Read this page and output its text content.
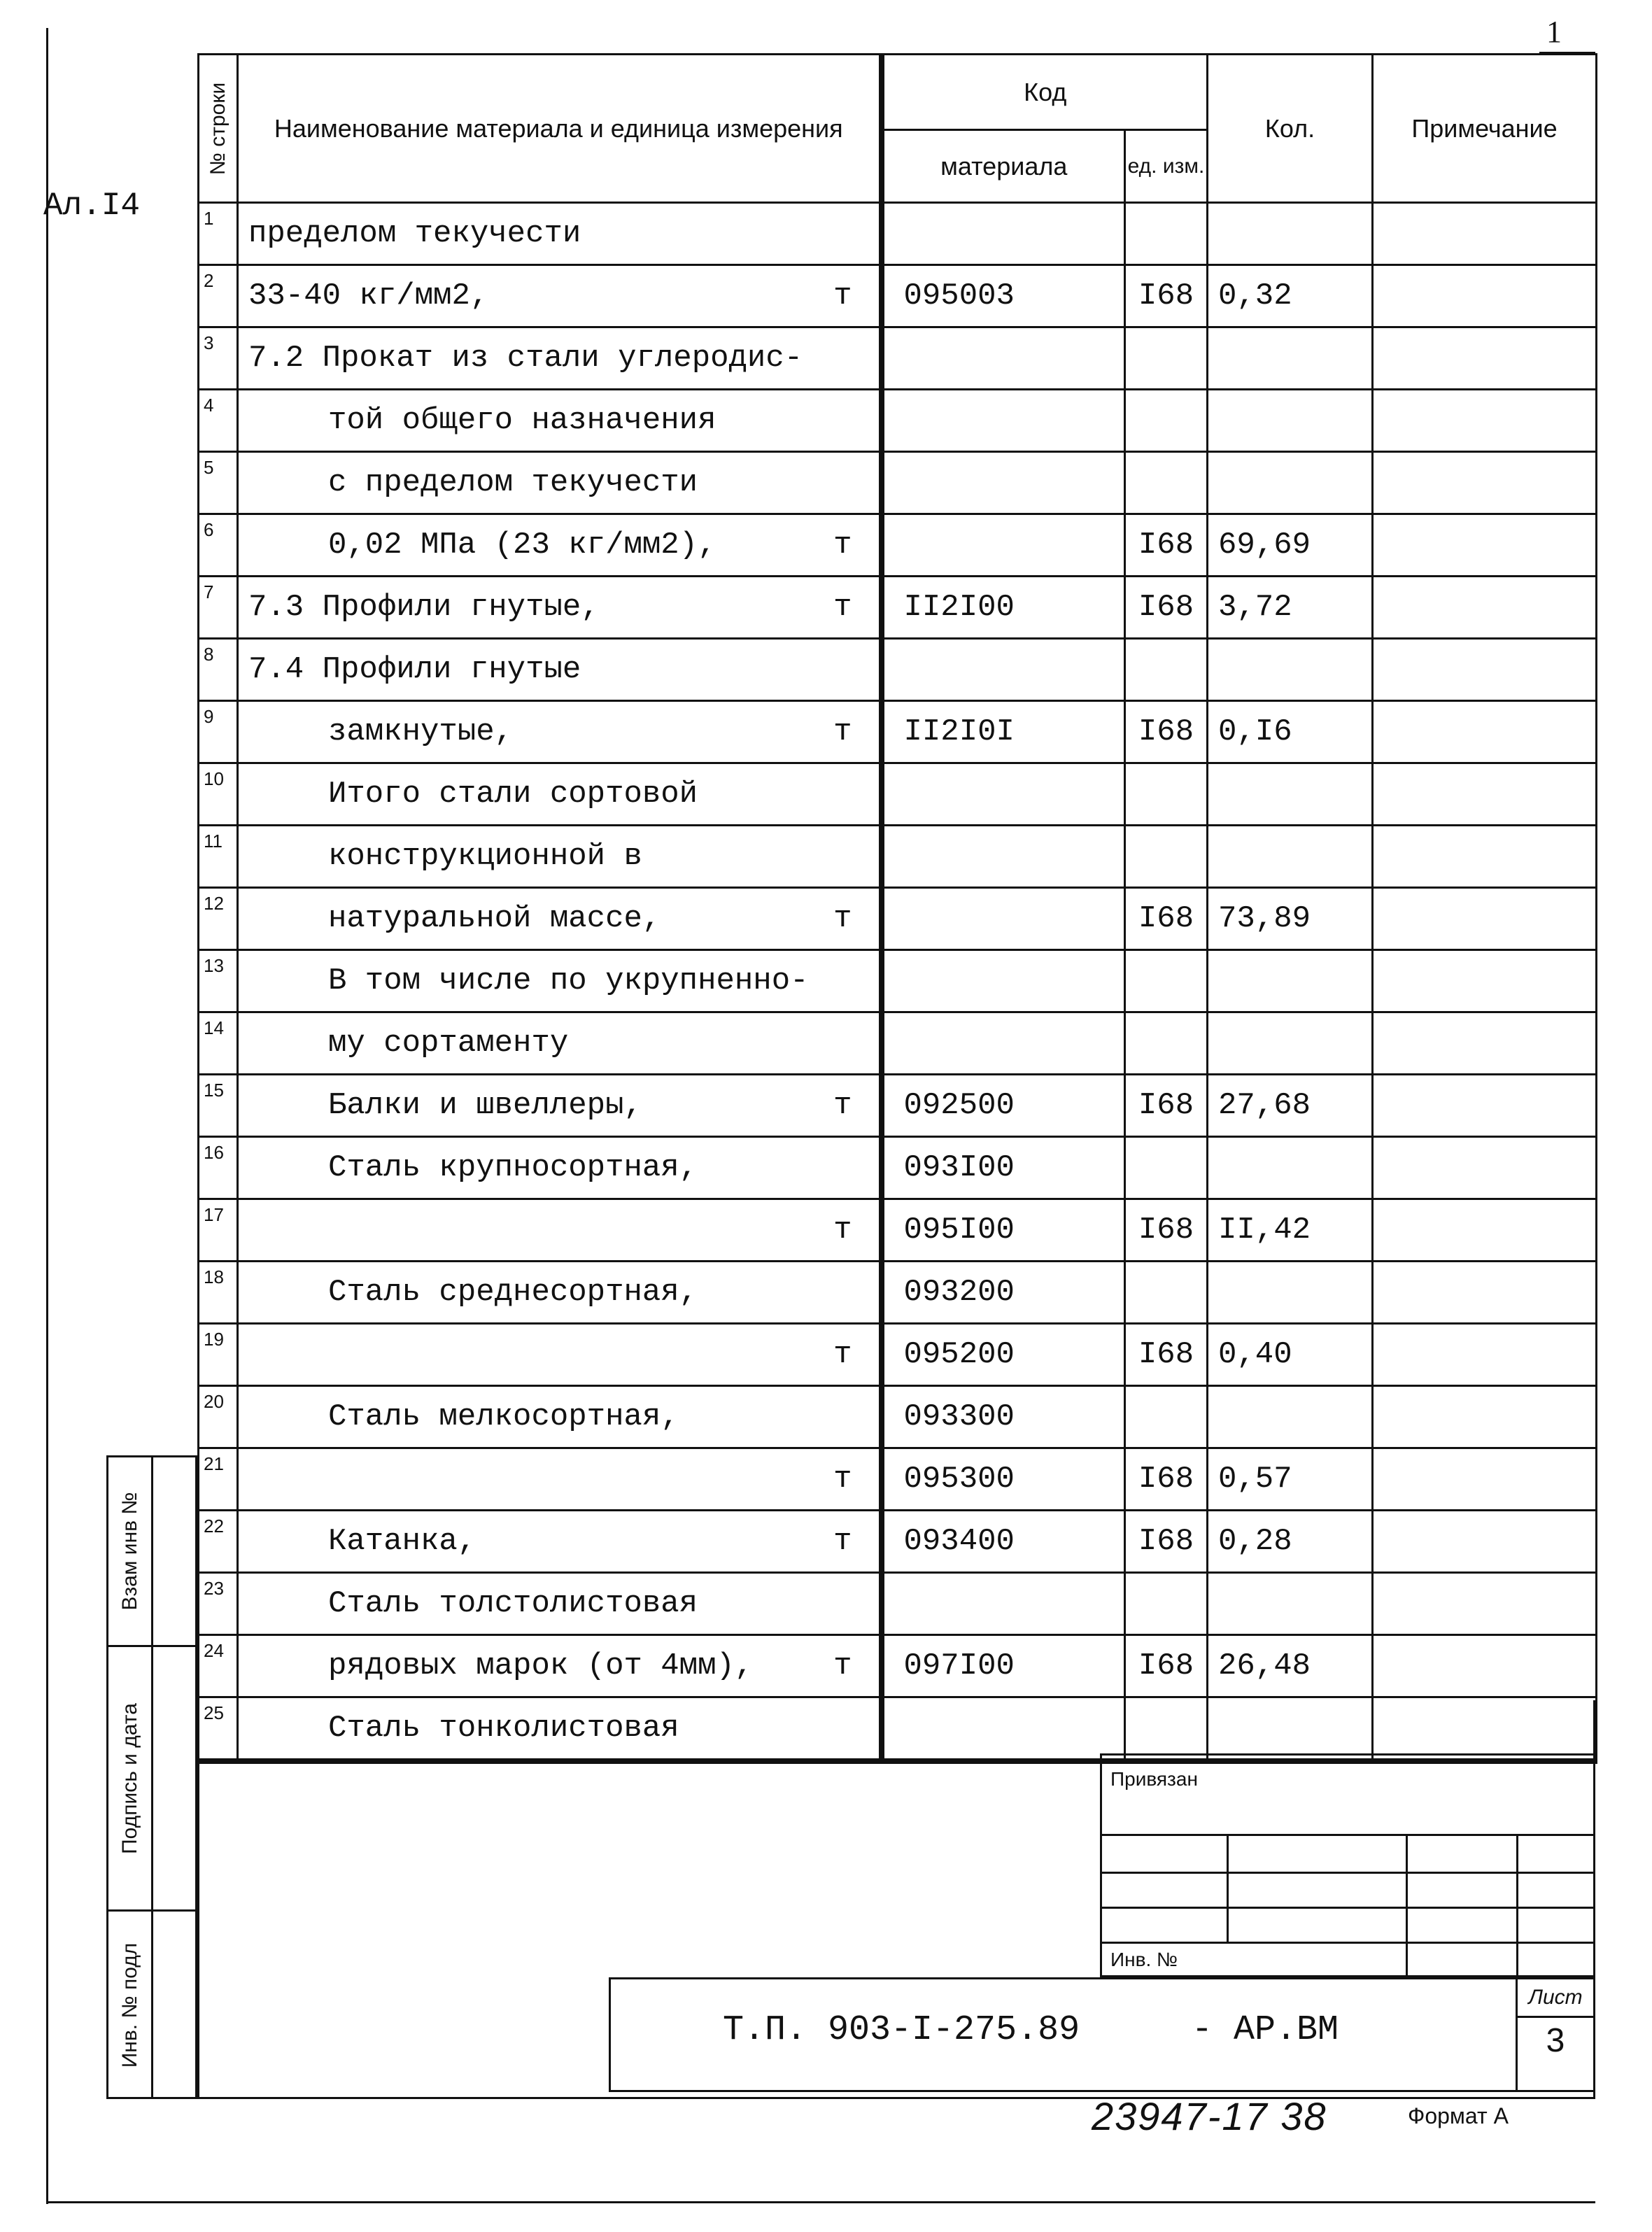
1
Ал.I4
№ строки	Наименование материала и единица измерения	Код		Кол.	Примечание
		материала	ед. изм.		
1	пределом текучести				

2	33-40 кг/мм2, т	095003	I68	0,32	
3	7.2 Прокат из стали углеродис-				

4	той общего назначения				

5	с пределом текучести				

6	0,02 МПа (23 кг/мм2), т		I68	69,69	
7	7.3 Профили гнутые, т	II2I00	I68	3,72	
8	7.4 Профили гнутые				

9	замкнутые, т	II2I0I	I68	0,I6	
10	Итого стали сортовой				

11	конструкционной в				

12	натуральной массе, т		I68	73,89	
13	В том числе по укрупненно-				

14	му сортаменту				

15	Балки и швеллеры, т	092500	I68	27,68	
16	Сталь крупносортная,	093I00			
17	т	095I00	I68	II,42	
18	Сталь среднесортная,	093200			
19	т	095200	I68	0,40	
20	Сталь мелкосортная,	093300			
21	т	095300	I68	0,57	
22	Катанка, т	093400	I68	0,28	
23	Сталь толстолистовая				

24	рядовых марок (от 4мм), т	097I00	I68	26,48	
25	Сталь тонколистовая				

Взам инв №
Подпись и дата
Инв. № подл
Привязан
Инв. №
Т.П. 903-I-275.89	- АР.ВМ
Лист
3
23947-17 38	Формат А
